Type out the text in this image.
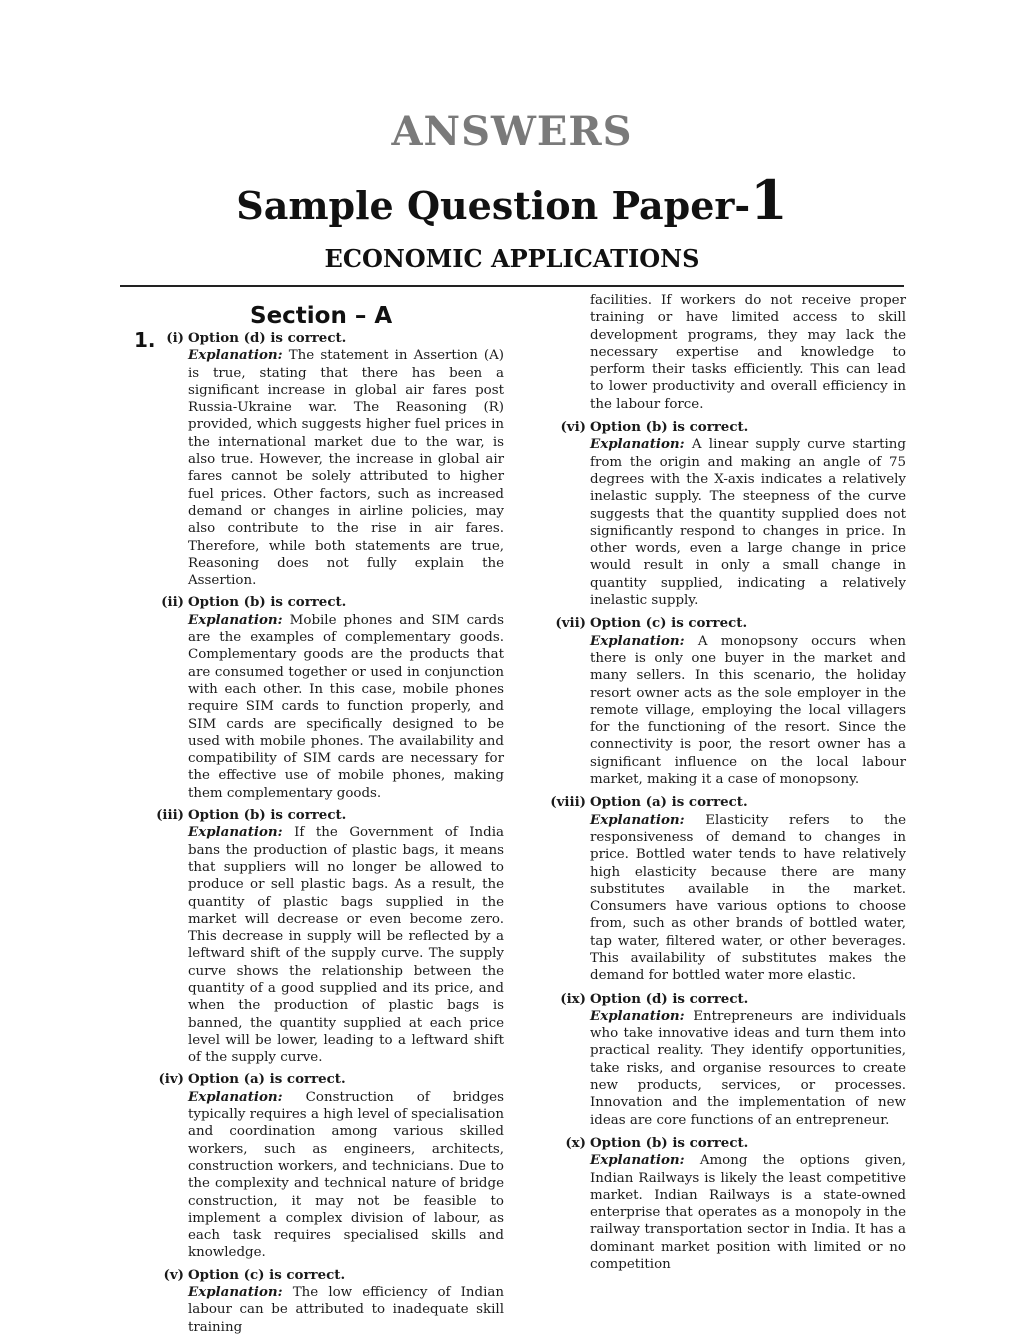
ANSWERS
Sample Question Paper-1
ECONOMIC APPLICATIONS
Section – A
1. (i) Option (d) is correct.

Explanation: The statement in Assertion (A) is true, stating that there has been a significant increase in global air fares post Russia-Ukraine war. The Reasoning (R) provided, which suggests higher fuel prices in the international market due to the war, is also true. However, the increase in global air fares cannot be solely attributed to higher fuel prices. Other factors, such as increased demand or changes in airline policies, may also contribute to the rise in air fares. Therefore, while both statements are true, Reasoning does not fully explain the Assertion.

(ii) Option (b) is correct.

Explanation: Mobile phones and SIM cards are the examples of complementary goods. Complementary goods are the products that are consumed together or used in conjunction with each other. In this case, mobile phones require SIM cards to function properly, and SIM cards are specifically designed to be used with mobile phones. The availability and compatibility of SIM cards are necessary for the effective use of mobile phones, making them complementary goods.

(iii) Option (b) is correct.

Explanation: If the Government of India bans the production of plastic bags, it means that suppliers will no longer be allowed to produce or sell plastic bags. As a result, the quantity of plastic bags supplied in the market will decrease or even become zero. This decrease in supply will be reflected by a leftward shift of the supply curve. The supply curve shows the relationship between the quantity of a good supplied and its price, and when the production of plastic bags is banned, the quantity supplied at each price level will be lower, leading to a leftward shift of the supply curve.

(iv) Option (a) is correct.

Explanation: Construction of bridges typically requires a high level of specialisation and coordination among various skilled workers, such as engineers, architects, construction workers, and technicians. Due to the complexity and technical nature of bridge construction, it may not be feasible to implement a complex division of labour, as each task requires specialised skills and knowledge.

(v) Option (c) is correct.

Explanation: The low efficiency of Indian labour can be attributed to inadequate skill training

facilities. If workers do not receive proper training or have limited access to skill development programs, they may lack the necessary expertise and knowledge to perform their tasks efficiently. This can lead to lower productivity and overall efficiency in the labour force.

(vi) Option (b) is correct.

Explanation: A linear supply curve starting from the origin and making an angle of 75 degrees with the X-axis indicates a relatively inelastic supply. The steepness of the curve suggests that the quantity supplied does not significantly respond to changes in price. In other words, even a large change in price would result in only a small change in quantity supplied, indicating a relatively inelastic supply.

(vii) Option (c) is correct.

Explanation: A monopsony occurs when there is only one buyer in the market and many sellers. In this scenario, the holiday resort owner acts as the sole employer in the remote village, employing the local villagers for the functioning of the resort. Since the connectivity is poor, the resort owner has a significant influence on the local labour market, making it a case of monopsony.

(viii) Option (a) is correct.

Explanation: Elasticity refers to the responsiveness of demand to changes in price. Bottled water tends to have relatively high elasticity because there are many substitutes available in the market. Consumers have various options to choose from, such as other brands of bottled water, tap water, filtered water, or other beverages. This availability of substitutes makes the demand for bottled water more elastic.

(ix) Option (d) is correct.

Explanation: Entrepreneurs are individuals who take innovative ideas and turn them into practical reality. They identify opportunities, take risks, and organise resources to create new products, services, or processes. Innovation and the implementation of new ideas are core functions of an entrepreneur.

(x) Option (b) is correct.

Explanation: Among the options given, Indian Railways is likely the least competitive market. Indian Railways is a state-owned enterprise that operates as a monopoly in the railway transportation sector in India. It has a dominant market position with limited or no competition
